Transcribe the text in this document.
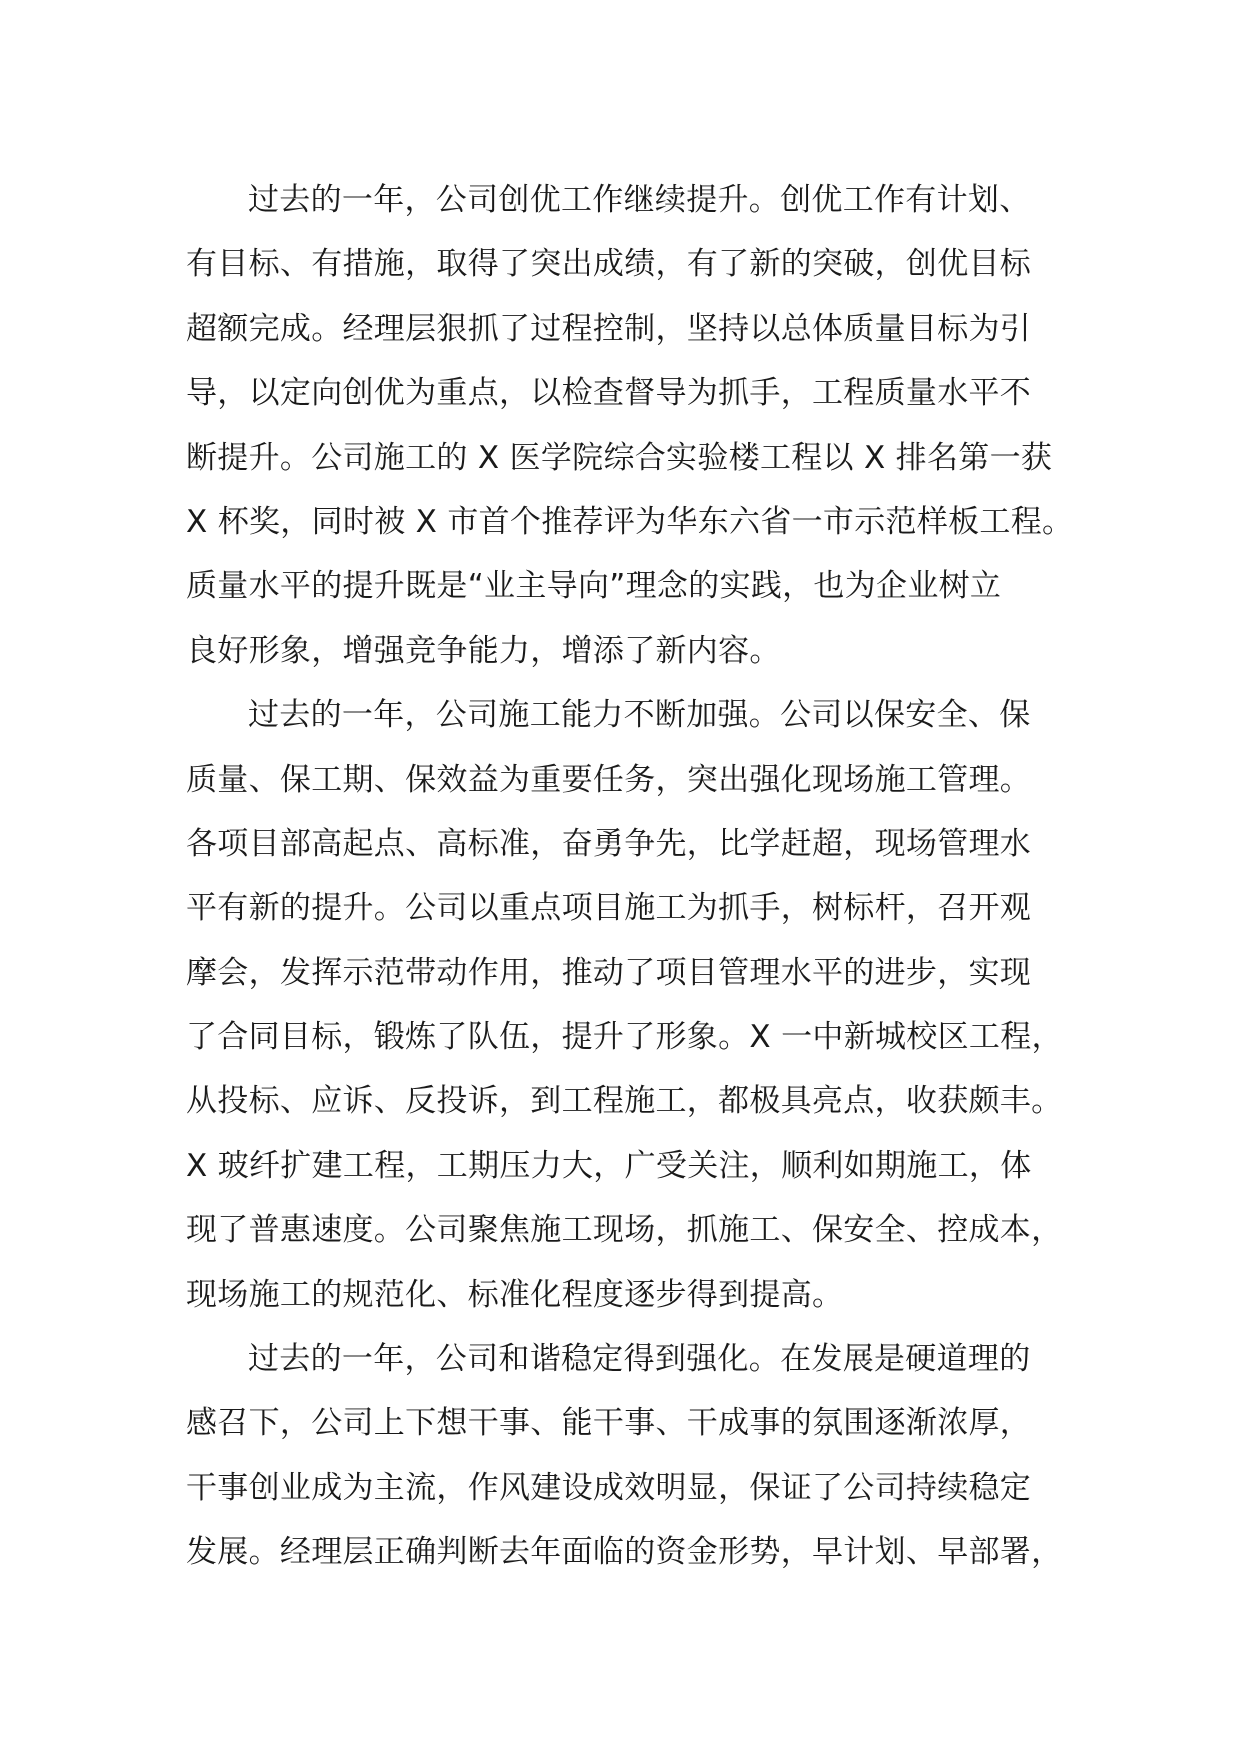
过去的一年，公司创优工作继续提升。创优工作有计划、
有目标、有措施，取得了突出成绩，有了新的突破，创优目标
超额完成。经理层狠抓了过程控制，坚持以总体质量目标为引
导，以定向创优为重点，以检查督导为抓手，工程质量水平不
断提升。公司施工的 X 医学院综合实验楼工程以 X 排名第一获
X 杯奖，同时被 X 市首个推荐评为华东六省一市示范样板工程。
质量水平的提升既是“业主导向”理念的实践，也为企业树立
良好形象，增强竞争能力，增添了新内容。
过去的一年，公司施工能力不断加强。公司以保安全、保
质量、保工期、保效益为重要任务，突出强化现场施工管理。
各项目部高起点、高标准，奋勇争先，比学赶超，现场管理水
平有新的提升。公司以重点项目施工为抓手，树标杆，召开观
摩会，发挥示范带动作用，推动了项目管理水平的进步，实现
了合同目标，锻炼了队伍，提升了形象。X 一中新城校区工程，
从投标、应诉、反投诉，到工程施工，都极具亮点，收获颇丰。
X 玻纤扩建工程，工期压力大，广受关注，顺利如期施工，体
现了普惠速度。公司聚焦施工现场，抓施工、保安全、控成本，
现场施工的规范化、标准化程度逐步得到提高。
过去的一年，公司和谐稳定得到强化。在发展是硬道理的
感召下，公司上下想干事、能干事、干成事的氛围逐渐浓厚，
干事创业成为主流，作风建设成效明显，保证了公司持续稳定
发展。经理层正确判断去年面临的资金形势，早计划、早部署，
